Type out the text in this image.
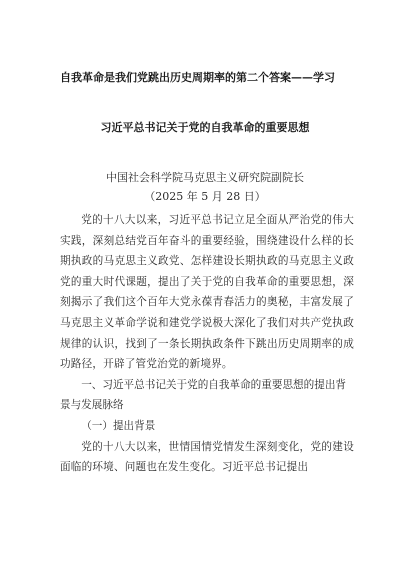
自我革命是我们党跳出历史周期率的第二个答案——学习
习近平总书记关于党的自我革命的重要思想
中国社会科学院马克思主义研究院副院长
（2025 年 5 月 28 日）

党的十八大以来，习近平总书记立足全面从严治党的伟大实践，深刻总结党百年奋斗的重要经验，围绕建设什么样的长期执政的马克思主义政党、怎样建设长期执政的马克思主义政党的重大时代课题，提出了关于党的自我革命的重要思想，深刻揭示了我们这个百年大党永葆青春活力的奥秘，丰富发展了马克思主义革命学说和建党学说极大深化了我们对共产党执政规律的认识，找到了一条长期执政条件下跳出历史周期率的成功路径，开辟了管党治党的新境界。

一、习近平总书记关于党的自我革命的重要思想的提出背景与发展脉络

（一）提出背景

党的十八大以来，世情国情党情发生深刻变化，党的建设面临的环境、问题也在发生变化。习近平总书记提出
